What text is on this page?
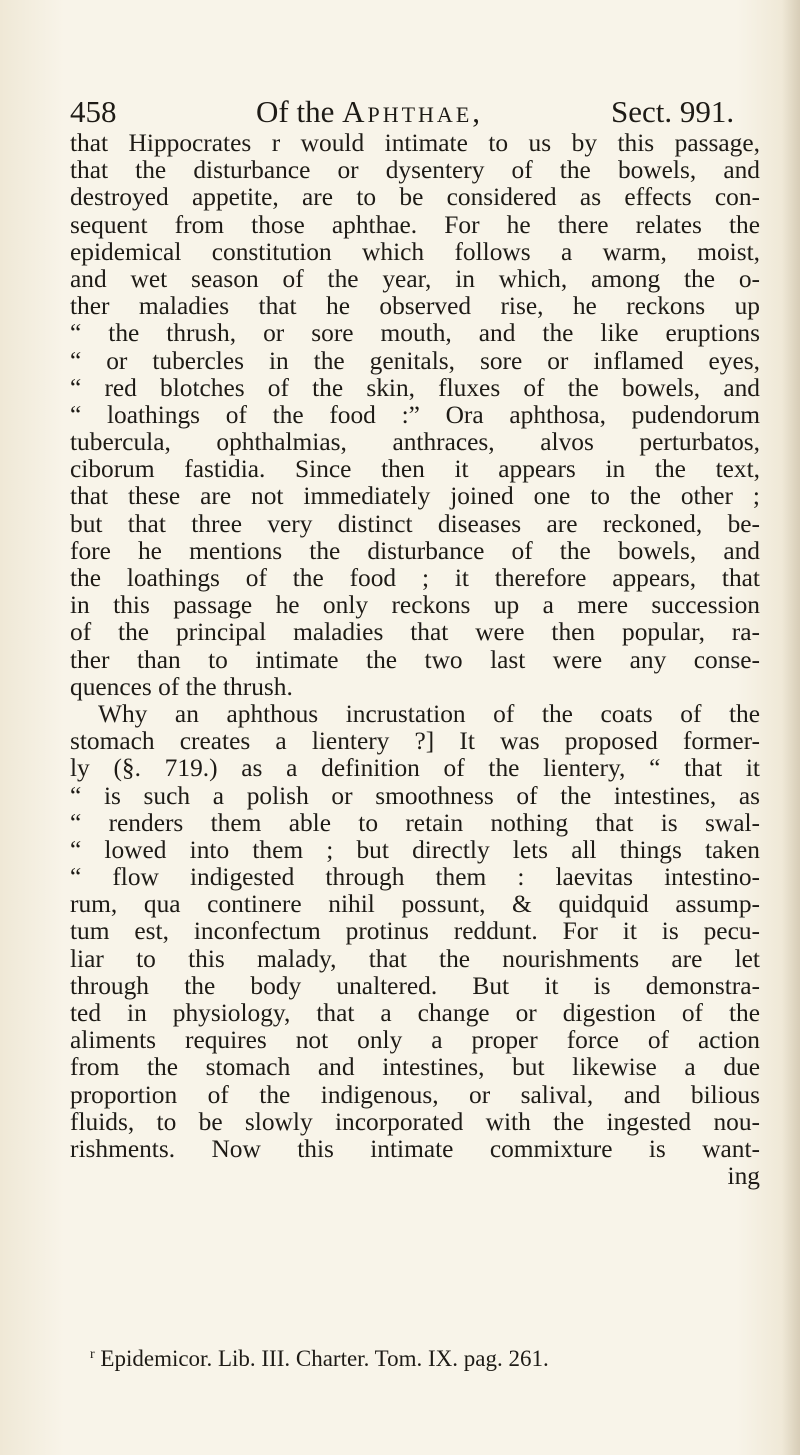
458	Of the Aphthae,	Sect. 991.
that Hippocrates r would intimate to us by this passage,
that the disturbance or dysentery of the bowels, and
destroyed appetite, are to be considered as effects con-
sequent from those aphthae. For he there relates the
epidemical constitution which follows a warm, moist,
and wet season of the year, in which, among the o-
ther maladies that he observed rise, he reckons up
“ the thrush, or sore mouth, and the like eruptions
“ or tubercles in the genitals, sore or inflamed eyes,
“ red blotches of the skin, fluxes of the bowels, and
“ loathings of the food :” Ora aphthosa, pudendorum
tubercula, ophthalmias, anthraces, alvos perturbatos,
ciborum fastidia. Since then it appears in the text,
that these are not immediately joined one to the other ;
but that three very distinct diseases are reckoned, be-
fore he mentions the disturbance of the bowels, and
the loathings of the food ; it therefore appears, that
in this passage he only reckons up a mere succession
of the principal maladies that were then popular, ra-
ther than to intimate the two last were any conse-
quences of the thrush.
Why an aphthous incrustation of the coats of the
stomach creates a lientery ?] It was proposed former-
ly (§. 719.) as a definition of the lientery, “ that it
“ is such a polish or smoothness of the intestines, as
“ renders them able to retain nothing that is swal-
“ lowed into them ; but directly lets all things taken
“ flow indigested through them : laevitas intestino-
rum, qua continere nihil possunt, & quidquid assump-
tum est, inconfectum protinus reddunt. For it is pecu-
liar to this malady, that the nourishments are let
through the body unaltered. But it is demonstra-
ted in physiology, that a change or digestion of the
aliments requires not only a proper force of action
from the stomach and intestines, but likewise a due
proportion of the indigenous, or salival, and bilious
fluids, to be slowly incorporated with the ingested nou-
rishments. Now this intimate commixture is want-
ing
$^r$ Epidemicor. Lib. III. Charter. Tom. IX. pag. 261.
